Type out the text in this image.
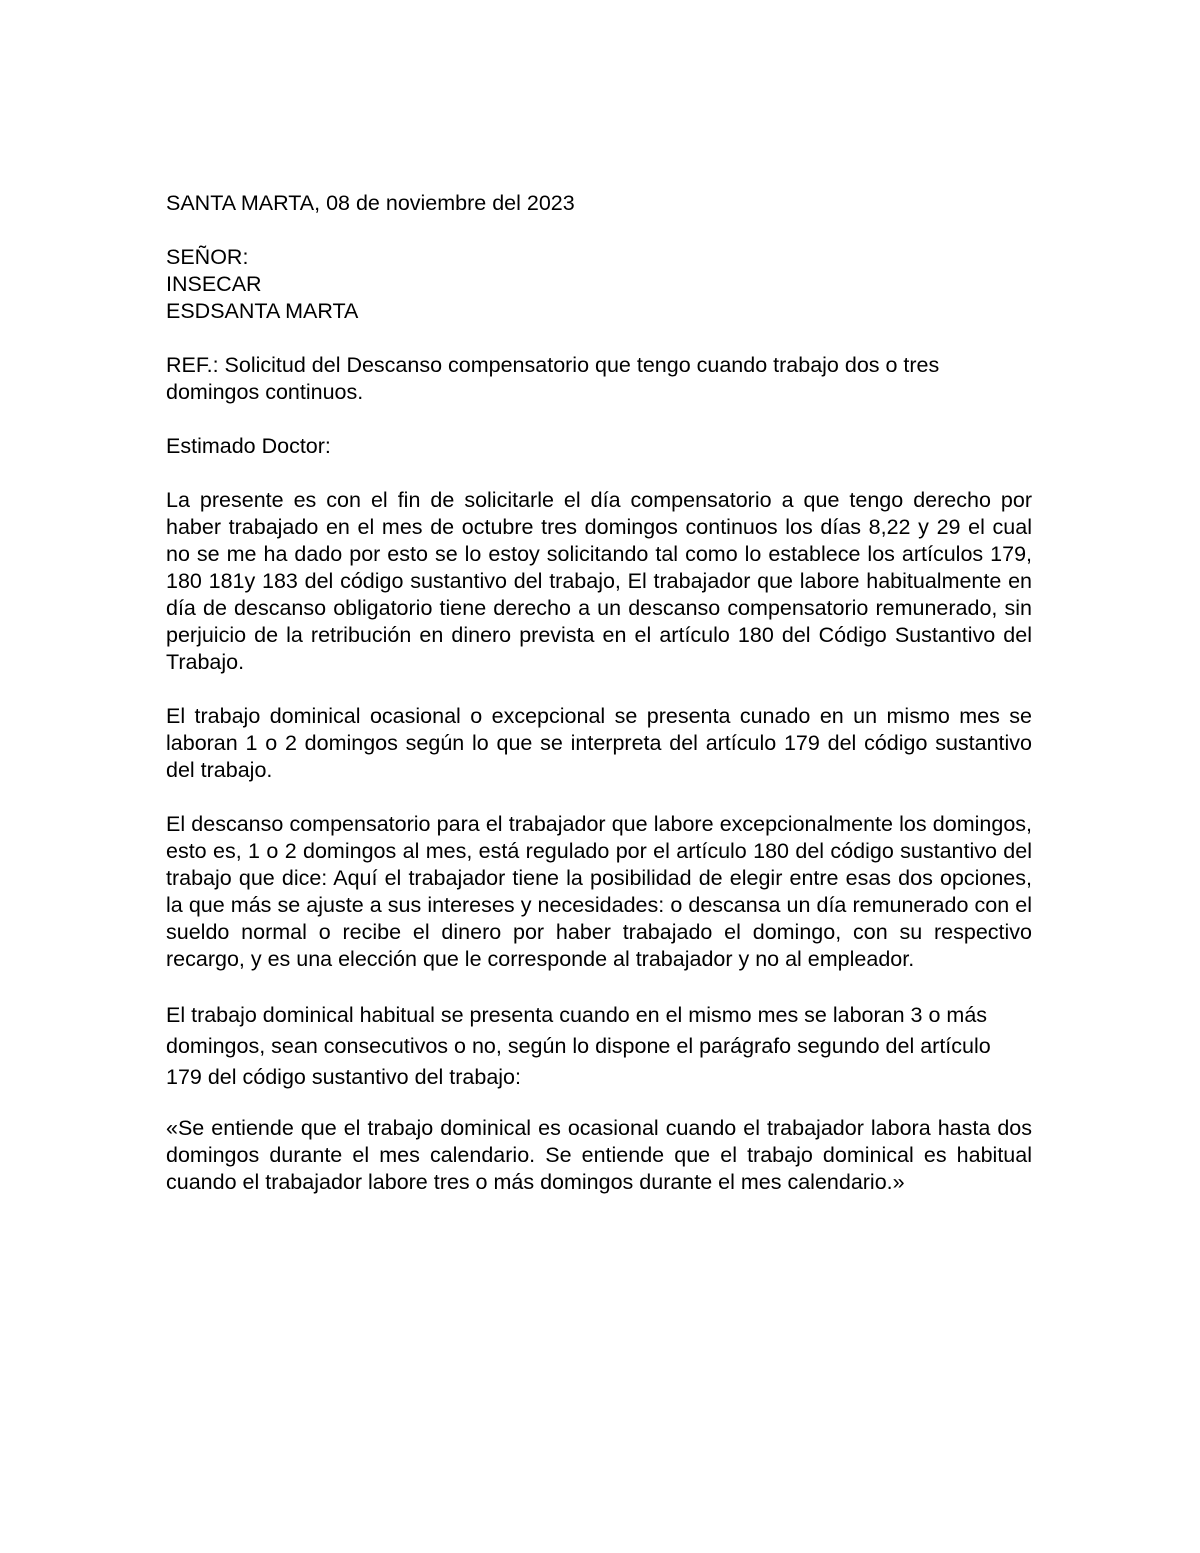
SANTA MARTA, 08 de noviembre del 2023

SEÑOR:
INSECAR
ESDSANTA MARTA

REF.: Solicitud del Descanso compensatorio que tengo cuando trabajo dos o tres domingos continuos.

Estimado Doctor:

La presente es con el fin de solicitarle el día compensatorio a que tengo derecho por haber trabajado en el mes de octubre tres domingos continuos los días 8,22 y 29 el cual no se me ha dado por esto se lo estoy solicitando tal como lo establece los artículos 179, 180 181y 183 del código sustantivo del trabajo, El trabajador que labore habitualmente en día de descanso obligatorio tiene derecho a un descanso compensatorio remunerado, sin perjuicio de la retribución en dinero prevista en el artículo 180 del Código Sustantivo del Trabajo.

El trabajo dominical ocasional o excepcional se presenta cunado en un mismo mes se laboran 1 o 2 domingos según lo que se interpreta del artículo 179 del código sustantivo del trabajo.

El descanso compensatorio para el trabajador que labore excepcionalmente los domingos, esto es, 1 o 2 domingos al mes, está regulado por el artículo 180 del código sustantivo del trabajo que dice: Aquí el trabajador tiene la posibilidad de elegir entre esas dos opciones, la que más se ajuste a sus intereses y necesidades: o descansa un día remunerado con el sueldo normal o recibe el dinero por haber trabajado el domingo, con su respectivo recargo, y es una elección que le corresponde al trabajador y no al empleador.

El trabajo dominical habitual se presenta cuando en el mismo mes se laboran 3 o más domingos, sean consecutivos o no, según lo dispone el parágrafo segundo del artículo 179 del código sustantivo del trabajo:

«Se entiende que el trabajo dominical es ocasional cuando el trabajador labora hasta dos domingos durante el mes calendario. Se entiende que el trabajo dominical es habitual cuando el trabajador labore tres o más domingos durante el mes calendario.»
